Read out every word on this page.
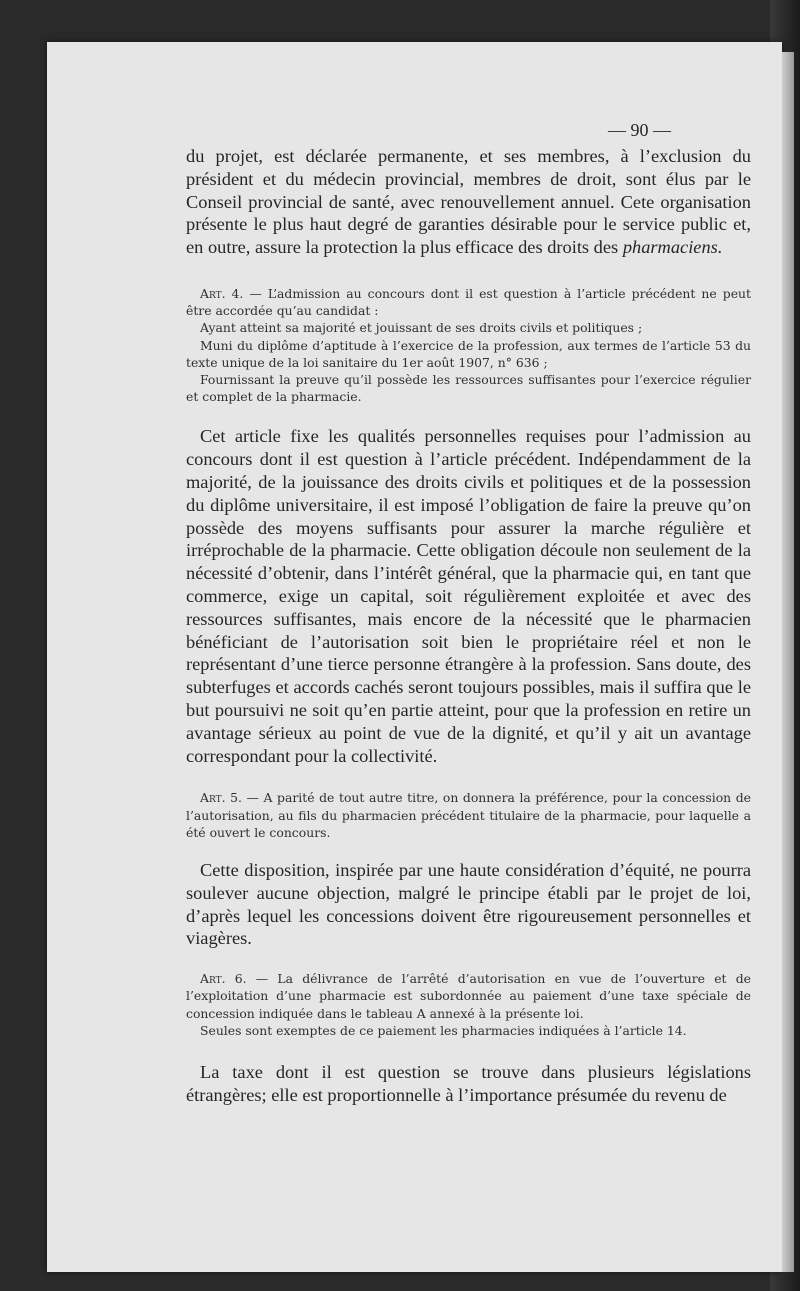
— 90 —

du projet, est déclarée permanente, et ses membres, à l’exclusion du président et du médecin provincial, membres de droit, sont élus par le Conseil provincial de santé, avec renouvellement annuel. Cete organisation présente le plus haut degré de garanties désirable pour le service public et, en outre, assure la protection la plus efficace des droits des pharmaciens.

Art. 4. — L’admission au concours dont il est question à l’article précédent ne peut être accordée qu’au candidat :

Ayant atteint sa majorité et jouissant de ses droits civils et politiques ;

Muni du diplôme d’aptitude à l’exercice de la profession, aux termes de l’article 53 du texte unique de la loi sanitaire du 1er août 1907, n° 636 ;

Fournissant la preuve qu’il possède les ressources suffisantes pour l’exercice régulier et complet de la pharmacie.

Cet article fixe les qualités personnelles requises pour l’admission au concours dont il est question à l’article précédent. Indépendamment de la majorité, de la jouissance des droits civils et politiques et de la possession du diplôme universitaire, il est imposé l’obligation de faire la preuve qu’on possède des moyens suffisants pour assurer la marche régulière et irréprochable de la pharmacie. Cette obligation découle non seulement de la nécessité d’obtenir, dans l’intérêt général, que la pharmacie qui, en tant que commerce, exige un capital, soit régulièrement exploitée et avec des ressources suffisantes, mais encore de la nécessité que le pharmacien bénéficiant de l’autorisation soit bien le propriétaire réel et non le représentant d’une tierce personne étrangère à la profession. Sans doute, des subterfuges et accords cachés seront toujours possibles, mais il suffira que le but poursuivi ne soit qu’en partie atteint, pour que la profession en retire un avantage sérieux au point de vue de la dignité, et qu’il y ait un avantage correspondant pour la collectivité.

Art. 5. — A parité de tout autre titre, on donnera la préférence, pour la concession de l’autorisation, au fils du pharmacien précédent titulaire de la pharmacie, pour laquelle a été ouvert le concours.

Cette disposition, inspirée par une haute considération d’équité, ne pourra soulever aucune objection, malgré le principe établi par le projet de loi, d’après lequel les concessions doivent être rigoureusement personnelles et viagères.

Art. 6. — La délivrance de l’arrêté d’autorisation en vue de l’ouverture et de l’exploitation d’une pharmacie est subordonnée au paiement d’une taxe spéciale de concession indiquée dans le tableau A annexé à la présente loi.

Seules sont exemptes de ce paiement les pharmacies indiquées à l’article 14.

La taxe dont il est question se trouve dans plusieurs législations étrangères; elle est proportionnelle à l’importance présumée du revenu de
